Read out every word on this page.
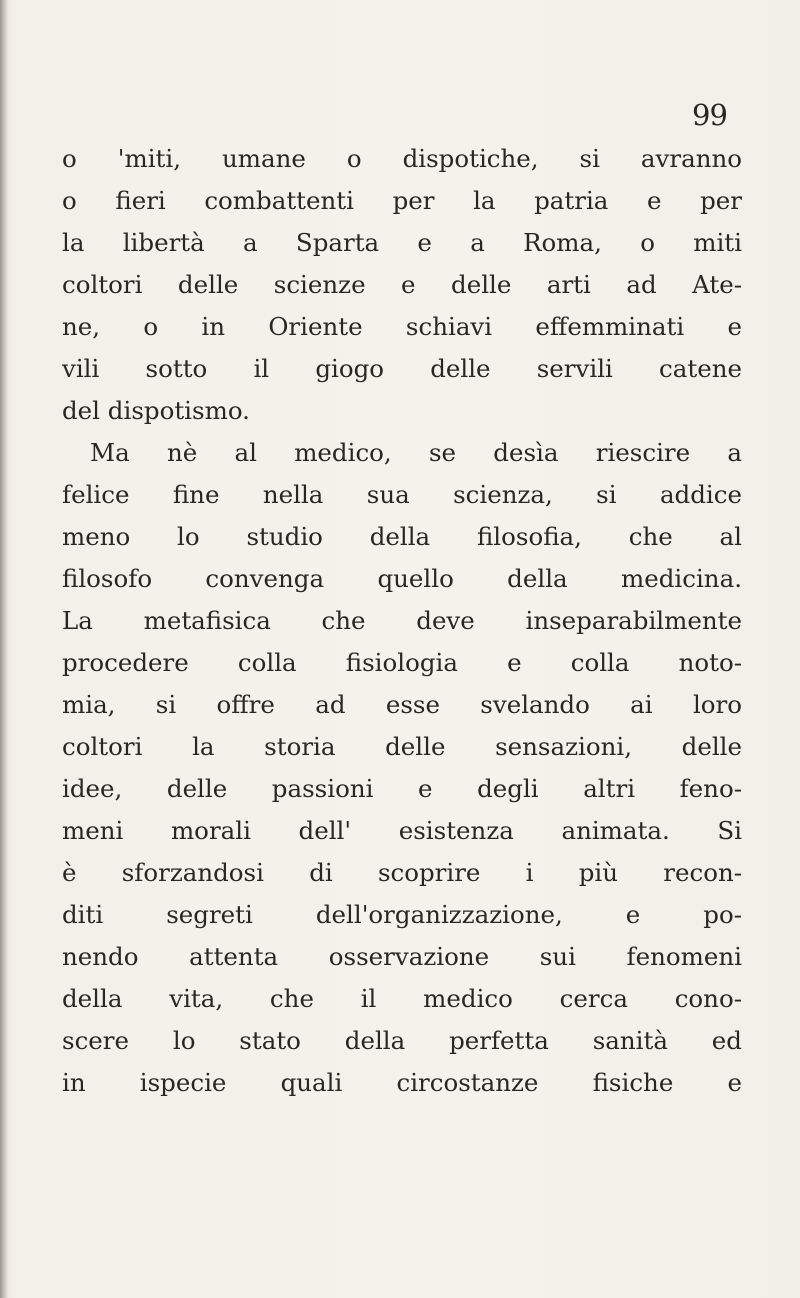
99
o 'miti, umane o dispotiche, si avranno
o fieri combattenti per la patria e per
la libertà a Sparta e a Roma, o miti
coltori delle scienze e delle arti ad Ate-
ne, o in Oriente schiavi effemminati e
vili sotto il giogo delle servili catene
del dispotismo.
Ma nè al medico, se desìa riescire a
felice fine nella sua scienza, si addice
meno lo studio della filosofia, che al
filosofo convenga quello della medicina.
La metafisica che deve inseparabilmente
procedere colla fisiologia e colla noto-
mia, si offre ad esse svelando ai loro
coltori la storia delle sensazioni, delle
idee, delle passioni e degli altri feno-
meni morali dell' esistenza animata. Si
è sforzandosi di scoprire i più recon-
diti segreti dell'organizzazione, e po-
nendo attenta osservazione sui fenomeni
della vita, che il medico cerca cono-
scere lo stato della perfetta sanità ed
in ispecie quali circostanze fisiche e
